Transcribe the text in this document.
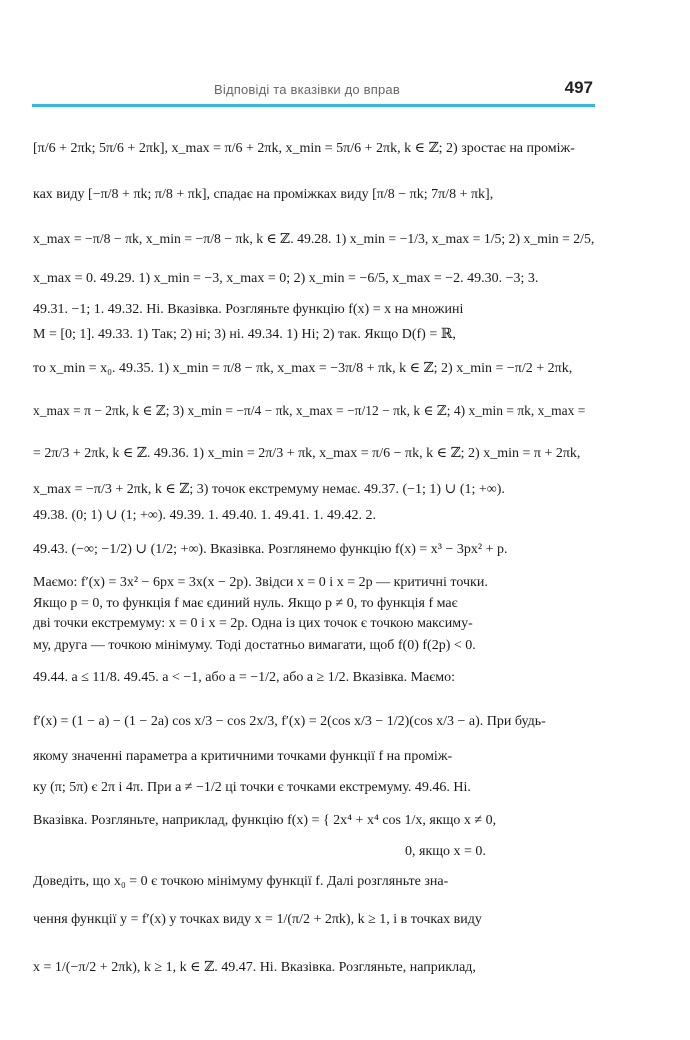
Відповіді та вказівки до вправ	497
[π/6 + 2πk; 5π/6 + 2πk], x_max = π/6 + 2πk, x_min = 5π/6 + 2πk, k ∈ ℤ; 2) зростає на проміж-
ках виду [−π/8 + πk; π/8 + πk], спадає на проміжках виду [π/8 − πk; 7π/8 + πk],
x_max = −π/8 − πk, x_min = −π/8 − πk, k ∈ ℤ. 49.28. 1) x_min = −1/3, x_max = 1/5; 2) x_min = 2/5,
x_max = 0. 49.29. 1) x_min = −3, x_max = 0; 2) x_min = −6/5, x_max = −2. 49.30. −3; 3.
49.31. −1; 1. 49.32. Ні. Вказівка. Розгляньте функцію f(x) = x на множині
M = [0; 1]. 49.33. 1) Так; 2) ні; 3) ні. 49.34. 1) Ні; 2) так. Якщо D(f) = ℝ,
то x_min = x₀. 49.35. 1) x_min = π/8 − πk, x_max = −3π/8 + πk, k ∈ ℤ; 2) x_min = −π/2 + 2πk,
x_max = π − 2πk, k ∈ ℤ; 3) x_min = −π/4 − πk, x_max = −π/12 − πk, k ∈ ℤ; 4) x_min = πk, x_max =
= 2π/3 + 2πk, k ∈ ℤ. 49.36. 1) x_min = 2π/3 + πk, x_max = π/6 − πk, k ∈ ℤ; 2) x_min = π + 2πk,
x_max = −π/3 + 2πk, k ∈ ℤ; 3) точок екстремуму немає. 49.37. (−1; 1) ∪ (1; +∞).
49.38. (0; 1) ∪ (1; +∞). 49.39. 1. 49.40. 1. 49.41. 1. 49.42. 2.
49.43. (−∞; −1/2) ∪ (1/2; +∞). Вказівка. Розглянемо функцію f(x) = x³ − 3px² + p.
Маємо: f′(x) = 3x² − 6px = 3x(x − 2p). Звідси x = 0 і x = 2p — критичні точки.
Якщо p = 0, то функція f має єдиний нуль. Якщо p ≠ 0, то функція f має
дві точки екстремуму: x = 0 і x = 2p. Одна із цих точок є точкою максиму-
му, друга — точкою мінімуму. Тоді достатньо вимагати, щоб f(0) f(2p) < 0.
49.44. a ≤ 11/8. 49.45. a < −1, або a = −1/2, або a ≥ 1/2. Вказівка. Маємо:
f′(x) = (1 − a) − (1 − 2a) cos x/3 − cos 2x/3, f′(x) = 2(cos x/3 − 1/2)(cos x/3 − a). При будь-
якому значенні параметра a критичними точками функції f на проміж-
ку (π; 5π) є 2π і 4π. При a ≠ −1/2 ці точки є точками екстремуму. 49.46. Ні.
Вказівка. Розгляньте, наприклад, функцію f(x) = { 2x⁴ + x⁴ cos 1/x, якщо x ≠ 0,
0, якщо x = 0.
Доведіть, що x₀ = 0 є точкою мінімуму функції f. Далі розгляньте зна-
чення функції y = f′(x) у точках виду x = 1/(π/2 + 2πk), k ≥ 1, і в точках виду
x = 1/(−π/2 + 2πk), k ≥ 1, k ∈ ℤ. 49.47. Ні. Вказівка. Розгляньте, наприклад,
